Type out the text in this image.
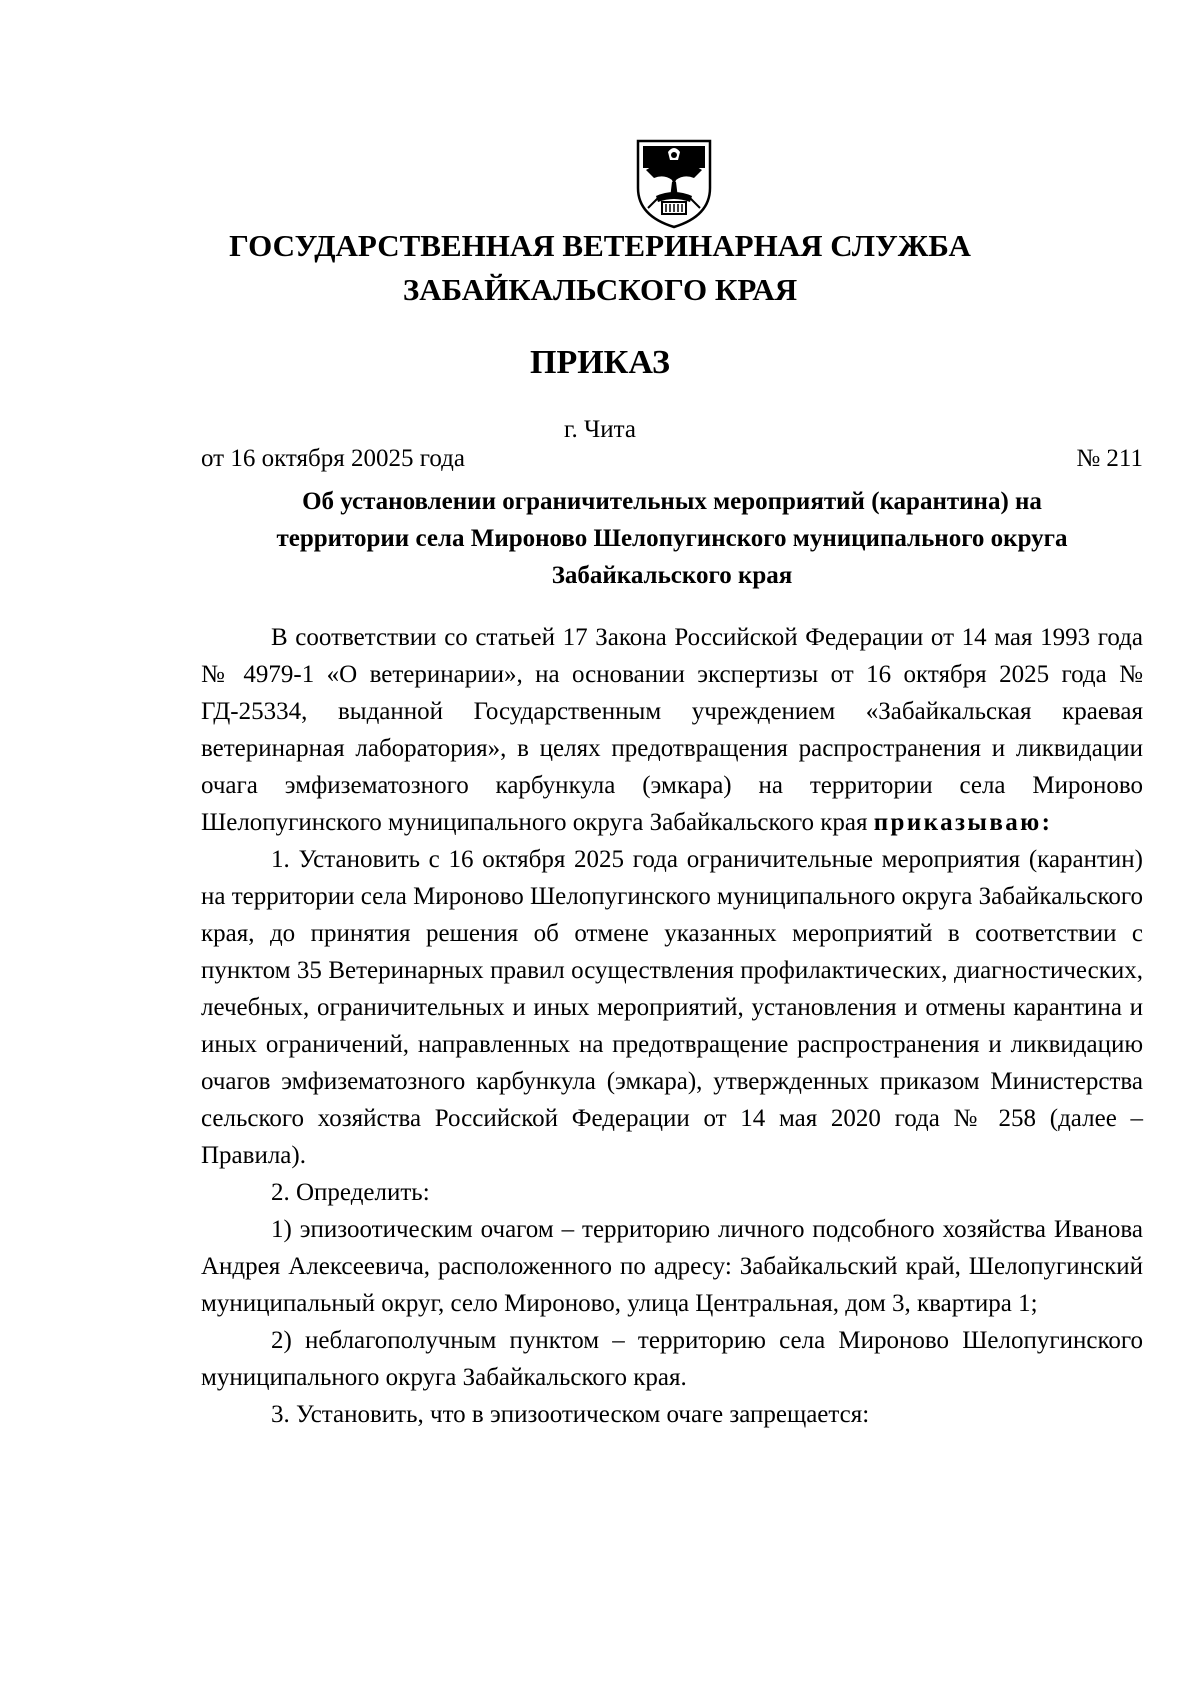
ГОСУДАРСТВЕННАЯ ВЕТЕРИНАРНАЯ СЛУЖБА
ЗАБАЙКАЛЬСКОГО КРАЯ
ПРИКАЗ
г. Чита
от 16 октября 20025 года	№ 211
Об установлении ограничительных мероприятий (карантина) на
территории села Мироново Шелопугинского муниципального округа
Забайкальского края

В соответствии со статьей 17 Закона Российской Федерации от 14 мая 1993 года № 4979-1 «О ветеринарии», на основании экспертизы от 16 октября 2025 года № ГД-25334, выданной Государственным учреждением «Забайкальская краевая ветеринарная лаборатория», в целях предотвращения распространения и ликвидации очага эмфизематозного карбункула (эмкара) на территории села Мироново Шелопугинского муниципального округа Забайкальского края приказываю:

1. Установить с 16 октября 2025 года ограничительные мероприятия (карантин) на территории села Мироново Шелопугинского муниципального округа Забайкальского края, до принятия решения об отмене указанных мероприятий в соответствии с пунктом 35 Ветеринарных правил осуществления профилактических, диагностических, лечебных, ограничительных и иных мероприятий, установления и отмены карантина и иных ограничений, направленных на предотвращение распространения и ликвидацию очагов эмфизематозного карбункула (эмкара), утвержденных приказом Министерства сельского хозяйства Российской Федерации от 14 мая 2020 года № 258 (далее – Правила).

2. Определить:

1) эпизоотическим очагом – территорию личного подсобного хозяйства Иванова Андрея Алексеевича, расположенного по адресу: Забайкальский край, Шелопугинский муниципальный округ, село Мироново, улица Центральная, дом 3, квартира 1;

2) неблагополучным пунктом – территорию села Мироново Шелопугинского муниципального округа Забайкальского края.

3. Установить, что в эпизоотическом очаге запрещается:
